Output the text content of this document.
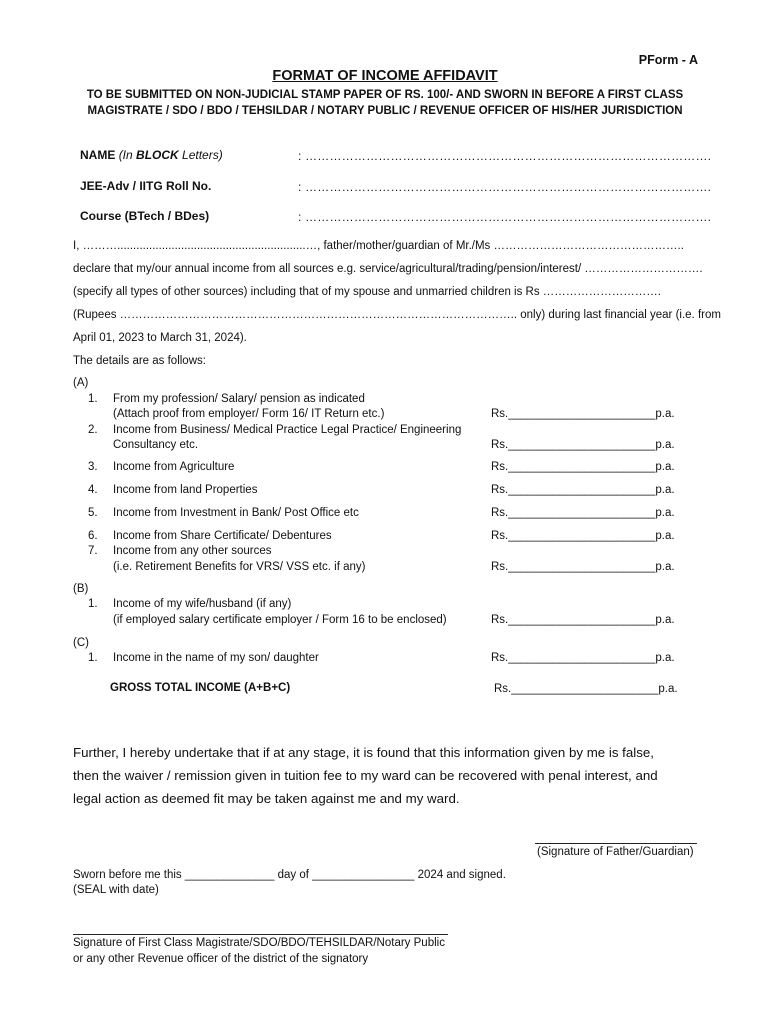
PForm - A
FORMAT OF INCOME AFFIDAVIT
TO BE SUBMITTED ON NON-JUDICIAL STAMP PAPER OF RS. 100/- AND SWORN IN BEFORE A FIRST CLASS
MAGISTRATE / SDO / BDO / TEHSILDAR / NOTARY PUBLIC / REVENUE OFFICER OF HIS/HER JURISDICTION
NAME (In BLOCK Letters)	: ……………………………………………………………………………………….
JEE-Adv / IITG Roll No.	: ……………………………………………………………………………………….
Course (BTech / BDes)	: ……………………………………………………………………………………….
I, ………...........................................................…, father/mother/guardian of Mr./Ms …………………………………………..
declare that my/our annual income from all sources e.g. service/agricultural/trading/pension/interest/ ………………………….
(specify all types of other sources) including that of my spouse and unmarried children is Rs ………………………….
(Rupees ………………………………………………………………………………………….. only) during last financial year (i.e. from
April 01, 2023 to March 31, 2024).
The details are as follows:
(A)
1. From my profession/ Salary/ pension as indicated
(Attach proof from employer/ Form 16/ IT Return etc.)	Rs._______________________p.a.
2. Income from Business/ Medical Practice Legal Practice/ Engineering
Consultancy etc.	Rs._______________________p.a.
3. Income from Agriculture	Rs._______________________p.a.
4. Income from land Properties	Rs._______________________p.a.
5. Income from Investment in Bank/ Post Office etc	Rs._______________________p.a.
6. Income from Share Certificate/ Debentures	Rs._______________________p.a.
7. Income from any other sources
(i.e. Retirement Benefits for VRS/ VSS etc. if any)	Rs._______________________p.a.
(B)
1. Income of my wife/husband (if any)
(if employed salary certificate employer / Form 16 to be enclosed)	Rs._______________________p.a.
(C)
1. Income in the name of my son/ daughter	Rs._______________________p.a.
GROSS TOTAL INCOME (A+B+C)	Rs._______________________p.a.
Further, I hereby undertake that if at any stage, it is found that this information given by me is false,
then the waiver / remission given in tuition fee to my ward can be recovered with penal interest, and
legal action as deemed fit may be taken against me and my ward.
(Signature of Father/Guardian)
Sworn before me this ______________ day of ________________ 2024 and signed.
(SEAL with date)
Signature of First Class Magistrate/SDO/BDO/TEHSILDAR/Notary Public
or any other Revenue officer of the district of the signatory
